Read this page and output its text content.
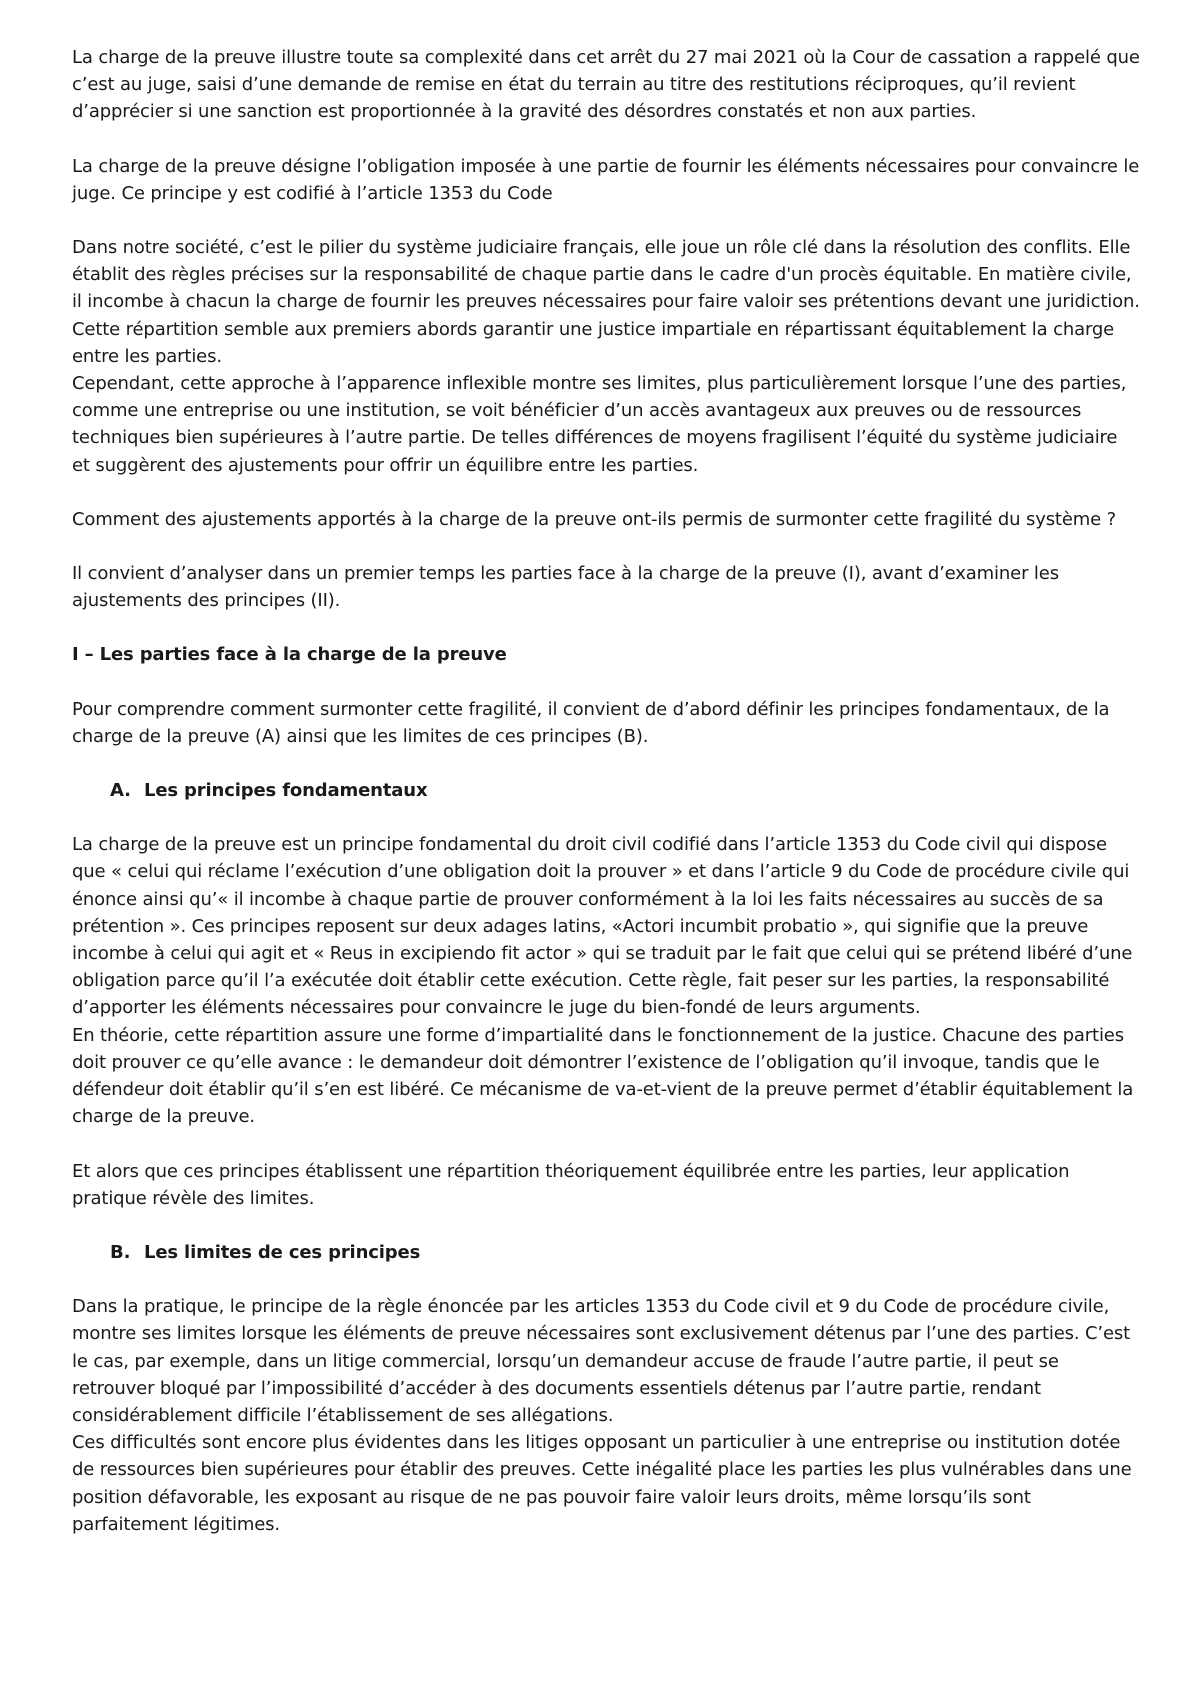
La charge de la preuve illustre toute sa complexité dans cet arrêt du 27 mai 2021 où la Cour de cassation a rappelé que c’est au juge, saisi d’une demande de remise en état du terrain au titre des restitutions réciproques, qu’il revient d’apprécier si une sanction est proportionnée à la gravité des désordres constatés et non aux parties.

La charge de la preuve désigne l’obligation imposée à une partie de fournir les éléments nécessaires pour convaincre le juge. Ce principe y est codifié à l’article 1353 du Code

Dans notre société, c’est le pilier du système judiciaire français, elle joue un rôle clé dans la résolution des conflits. Elle établit des règles précises sur la responsabilité de chaque partie dans le cadre d'un procès équitable. En matière civile, il incombe à chacun la charge de fournir les preuves nécessaires pour faire valoir ses prétentions devant une juridiction. Cette répartition semble aux premiers abords garantir une justice impartiale en répartissant équitablement la charge entre les parties.

Cependant, cette approche à l’apparence inflexible montre ses limites, plus particulièrement lorsque l’une des parties, comme une entreprise ou une institution, se voit bénéficier d’un accès avantageux aux preuves ou de ressources techniques bien supérieures à l’autre partie. De telles différences de moyens fragilisent l’équité du système judiciaire et suggèrent des ajustements pour offrir un équilibre entre les parties.

Comment des ajustements apportés à la charge de la preuve ont-ils permis de surmonter cette fragilité du système ?

Il convient d’analyser dans un premier temps les parties face à la charge de la preuve (I), avant d’examiner les ajustements des principes (II).

I – Les parties face à la charge de la preuve

Pour comprendre comment surmonter cette fragilité, il convient de d’abord définir les principes fondamentaux, de la charge de la preuve (A) ainsi que les limites de ces principes (B).

A. Les principes fondamentaux

La charge de la preuve est un principe fondamental du droit civil codifié dans l’article 1353 du Code civil qui dispose que « celui qui réclame l’exécution d’une obligation doit la prouver » et dans l’article 9 du Code de procédure civile qui énonce ainsi qu’« il incombe à chaque partie de prouver conformément à la loi les faits nécessaires au succès de sa prétention ». Ces principes reposent sur deux adages latins, «Actori incumbit probatio », qui signifie que la preuve incombe à celui qui agit et « Reus in excipiendo fit actor » qui se traduit par le fait que celui qui se prétend libéré d’une obligation parce qu’il l’a exécutée doit établir cette exécution. Cette règle, fait peser sur les parties, la responsabilité d’apporter les éléments nécessaires pour convaincre le juge du bien-fondé de leurs arguments.

En théorie, cette répartition assure une forme d’impartialité dans le fonctionnement de la justice. Chacune des parties doit prouver ce qu’elle avance : le demandeur doit démontrer l’existence de l’obligation qu’il invoque, tandis que le défendeur doit établir qu’il s’en est libéré. Ce mécanisme de va-et-vient de la preuve permet d’établir équitablement la charge de la preuve.

Et alors que ces principes établissent une répartition théoriquement équilibrée entre les parties, leur application pratique révèle des limites.

B. Les limites de ces principes

Dans la pratique, le principe de la règle énoncée par les articles 1353 du Code civil et 9 du Code de procédure civile, montre ses limites lorsque les éléments de preuve nécessaires sont exclusivement détenus par l’une des parties. C’est le cas, par exemple, dans un litige commercial, lorsqu’un demandeur accuse de fraude l’autre partie, il peut se retrouver bloqué par l’impossibilité d’accéder à des documents essentiels détenus par l’autre partie, rendant considérablement difficile l’établissement de ses allégations.

Ces difficultés sont encore plus évidentes dans les litiges opposant un particulier à une entreprise ou institution dotée de ressources bien supérieures pour établir des preuves. Cette inégalité place les parties les plus vulnérables dans une position défavorable, les exposant au risque de ne pas pouvoir faire valoir leurs droits, même lorsqu’ils sont parfaitement légitimes.
